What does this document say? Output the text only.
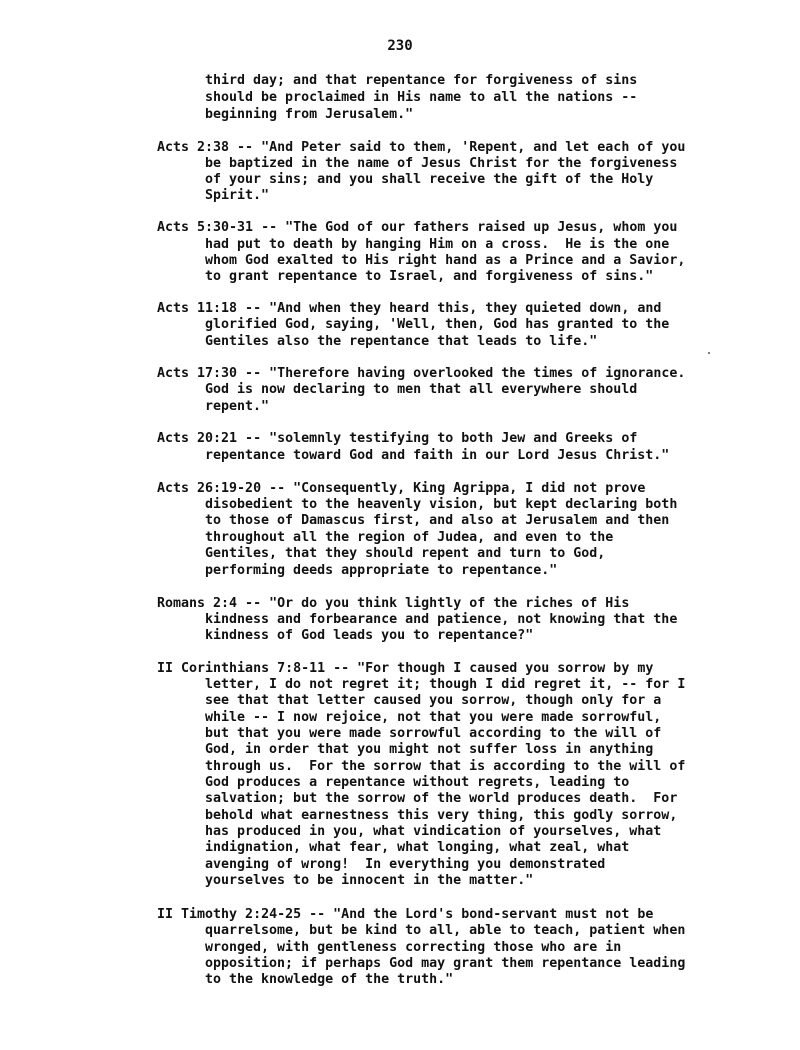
230
third day; and that repentance for forgiveness of sins
should be proclaimed in His name to all the nations --
beginning from Jerusalem."
Acts 2:38 -- "And Peter said to them, 'Repent, and let each of you
be baptized in the name of Jesus Christ for the forgiveness
of your sins; and you shall receive the gift of the Holy
Spirit."
Acts 5:30-31 -- "The God of our fathers raised up Jesus, whom you
had put to death by hanging Him on a cross.  He is the one
whom God exalted to His right hand as a Prince and a Savior,
to grant repentance to Israel, and forgiveness of sins."
Acts 11:18 -- "And when they heard this, they quieted down, and
glorified God, saying, 'Well, then, God has granted to the
Gentiles also the repentance that leads to life."
Acts 17:30 -- "Therefore having overlooked the times of ignorance.
God is now declaring to men that all everywhere should
repent."
Acts 20:21 -- "solemnly testifying to both Jew and Greeks of
repentance toward God and faith in our Lord Jesus Christ."
Acts 26:19-20 -- "Consequently, King Agrippa, I did not prove
disobedient to the heavenly vision, but kept declaring both
to those of Damascus first, and also at Jerusalem and then
throughout all the region of Judea, and even to the
Gentiles, that they should repent and turn to God,
performing deeds appropriate to repentance."
Romans 2:4 -- "Or do you think lightly of the riches of His
kindness and forbearance and patience, not knowing that the
kindness of God leads you to repentance?"
II Corinthians 7:8-11 -- "For though I caused you sorrow by my
letter, I do not regret it; though I did regret it, -- for I
see that that letter caused you sorrow, though only for a
while -- I now rejoice, not that you were made sorrowful,
but that you were made sorrowful according to the will of
God, in order that you might not suffer loss in anything
through us.  For the sorrow that is according to the will of
God produces a repentance without regrets, leading to
salvation; but the sorrow of the world produces death.  For
behold what earnestness this very thing, this godly sorrow,
has produced in you, what vindication of yourselves, what
indignation, what fear, what longing, what zeal, what
avenging of wrong!  In everything you demonstrated
yourselves to be innocent in the matter."
II Timothy 2:24-25 -- "And the Lord's bond-servant must not be
quarrelsome, but be kind to all, able to teach, patient when
wronged, with gentleness correcting those who are in
opposition; if perhaps God may grant them repentance leading
to the knowledge of the truth."
